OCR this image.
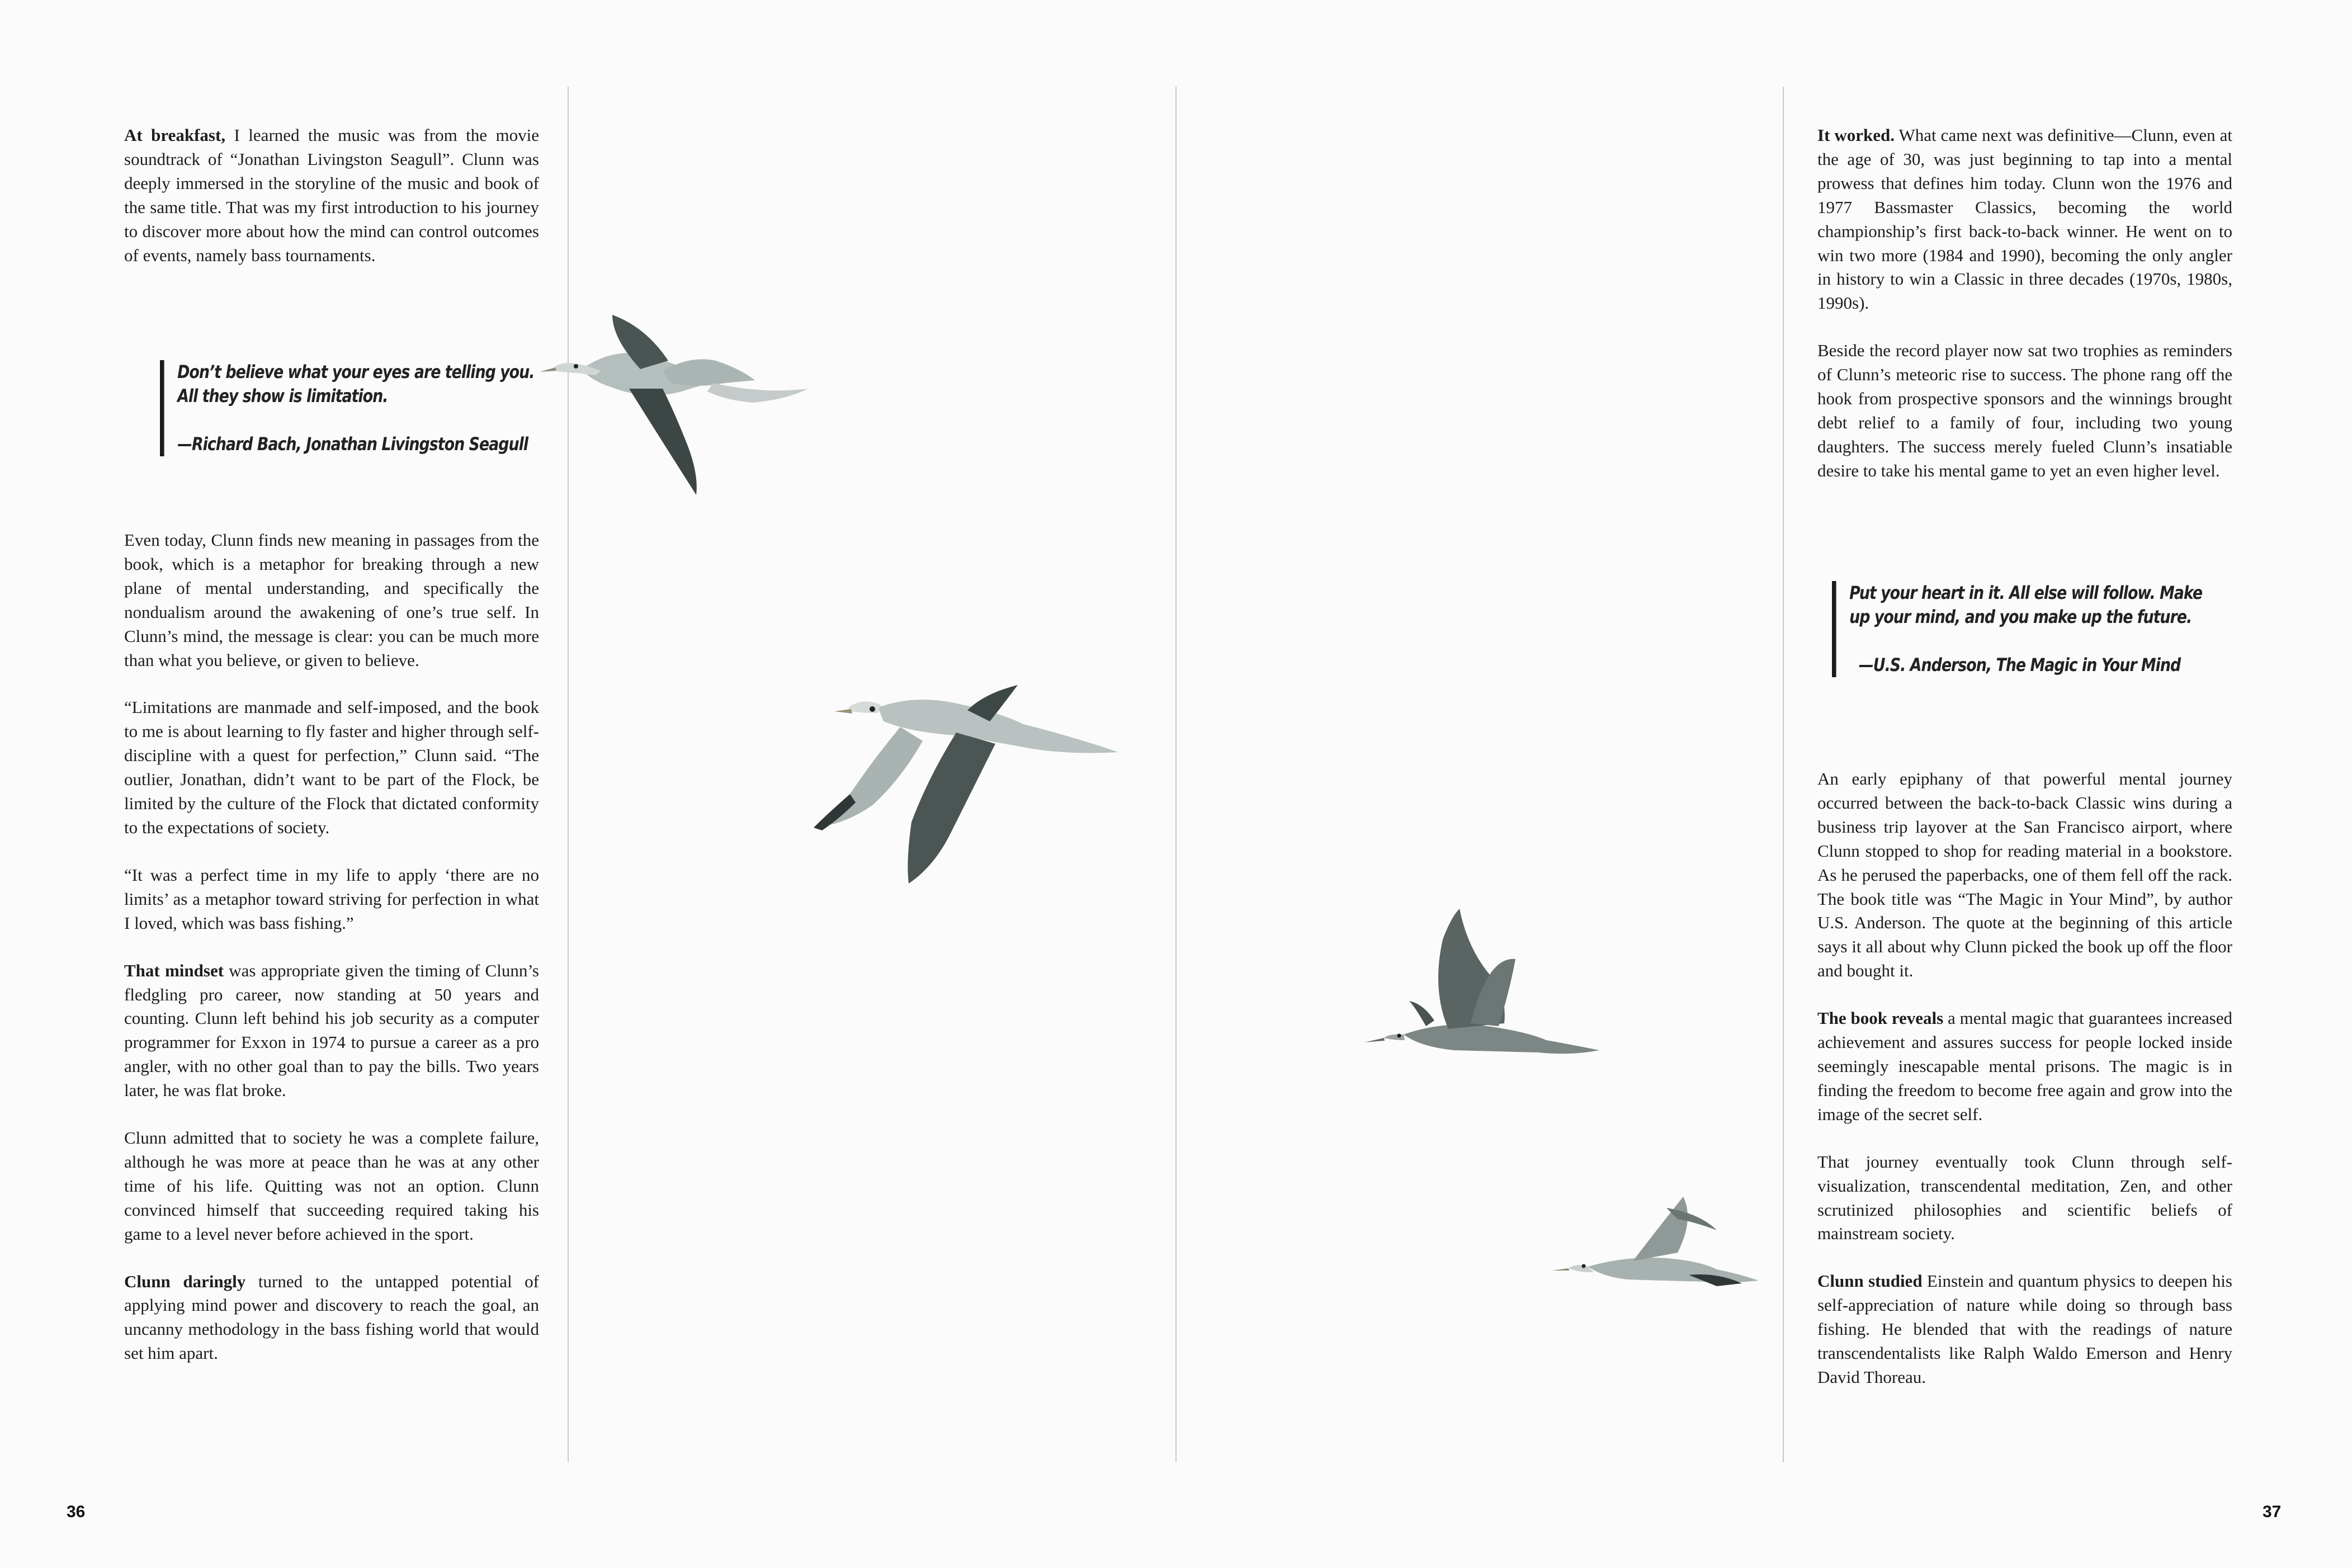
At breakfast, I learned the music was from the movie soundtrack of “Jonathan Livingston Seagull”. Clunn was deeply immersed in the storyline of the music and book of the same title. That was my first introduction to his journey to discover more about how the mind can control outcomes of events, namely bass tournaments.

Don’t believe what your eyes are telling you. All they show is limitation.

—Richard Bach, Jonathan Livingston Seagull

Even today, Clunn finds new meaning in passages from the book, which is a metaphor for breaking through a new plane of mental understanding, and specifically the nondualism around the awakening of one’s true self. In Clunn’s mind, the message is clear: you can be much more than what you believe, or given to believe.

“Limitations are manmade and self-imposed, and the book to me is about learning to fly faster and higher through self-discipline with a quest for perfection,” Clunn said. “The outlier, Jonathan, didn’t want to be part of the Flock, be limited by the culture of the Flock that dictated conformity to the expectations of society.

“It was a perfect time in my life to apply ‘there are no limits’ as a metaphor toward striving for perfection in what I loved, which was bass fishing.”

That mindset was appropriate given the timing of Clunn’s fledgling pro career, now standing at 50 years and counting. Clunn left behind his job security as a computer programmer for Exxon in 1974 to pursue a career as a pro angler, with no other goal than to pay the bills. Two years later, he was flat broke.

Clunn admitted that to society he was a complete failure, although he was more at peace than he was at any other time of his life. Quitting was not an option. Clunn convinced himself that succeeding required taking his game to a level never before achieved in the sport.

Clunn daringly turned to the untapped potential of applying mind power and discovery to reach the goal, an uncanny methodology in the bass fishing world that would set him apart.

36

It worked. What came next was definitive—Clunn, even at the age of 30, was just beginning to tap into a mental prowess that defines him today. Clunn won the 1976 and 1977 Bassmaster Classics, becoming the world championship’s first back-to-back winner. He went on to win two more (1984 and 1990), becoming the only angler in history to win a Classic in three decades (1970s, 1980s, 1990s).

Beside the record player now sat two trophies as reminders of Clunn’s meteoric rise to success. The phone rang off the hook from prospective sponsors and the winnings brought debt relief to a family of four, including two young daughters. The success merely fueled Clunn’s insatiable desire to take his mental game to yet an even higher level.

Put your heart in it. All else will follow. Make up your mind, and you make up the future.

—U.S. Anderson, The Magic in Your Mind

An early epiphany of that powerful mental journey occurred between the back-to-back Classic wins during a business trip layover at the San Francisco airport, where Clunn stopped to shop for reading material in a bookstore. As he perused the paperbacks, one of them fell off the rack. The book title was “The Magic in Your Mind”, by author U.S. Anderson. The quote at the beginning of this article says it all about why Clunn picked the book up off the floor and bought it.

The book reveals a mental magic that guarantees increased achievement and assures success for people locked inside seemingly inescapable mental prisons. The magic is in finding the freedom to become free again and grow into the image of the secret self.

That journey eventually took Clunn through self-visualization, transcendental meditation, Zen, and other scrutinized philosophies and scientific beliefs of mainstream society.

Clunn studied Einstein and quantum physics to deepen his self-appreciation of nature while doing so through bass fishing. He blended that with the readings of nature transcendentalists like Ralph Waldo Emerson and Henry David Thoreau.

37
